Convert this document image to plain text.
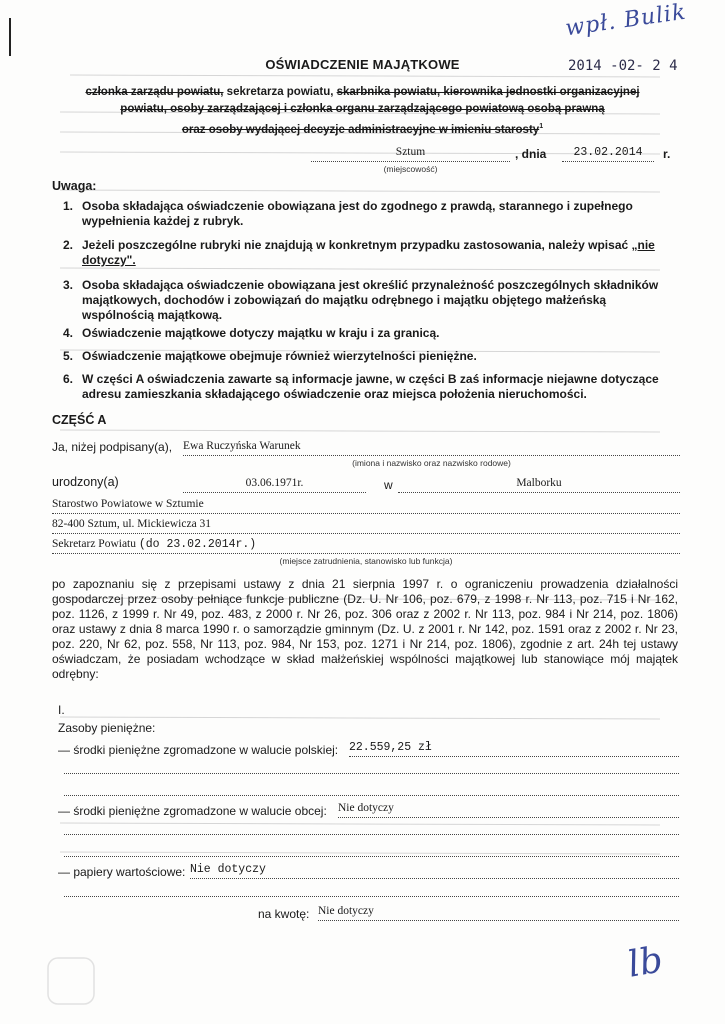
wpł. Bulik
2014 -02- 2 4
OŚWIADCZENIE MAJĄTKOWE
członka zarządu powiatu, sekretarza powiatu, skarbnika powiatu, kierownika jednostki organizacyjnej
powiatu, osoby zarządzającej i członka organu zarządzającego powiatową osobą prawną
oraz osoby wydającej decyzje administracyjne w imieniu starosty$^1$
Sztum
(miejscowość)
, dnia	23.02.2014	r.
Uwaga:
1. Osoba składająca oświadczenie obowiązana jest do zgodnego z prawdą, starannego i zupełnego wypełnienia każdej z rubryk.
2. Jeżeli poszczególne rubryki nie znajdują w konkretnym przypadku zastosowania, należy wpisać „nie dotyczy".
3. Osoba składająca oświadczenie obowiązana jest określić przynależność poszczególnych składników majątkowych, dochodów i zobowiązań do majątku odrębnego i majątku objętego małżeńską wspólnością majątkową.
4. Oświadczenie majątkowe dotyczy majątku w kraju i za granicą.
5. Oświadczenie majątkowe obejmuje również wierzytelności pieniężne.
6. W części A oświadczenia zawarte są informacje jawne, w części B zaś informacje niejawne dotyczące adresu zamieszkania składającego oświadczenie oraz miejsca położenia nieruchomości.
CZĘŚĆ A
Ja, niżej podpisany(a), Ewa Ruczyńska Warunek
(imiona i nazwisko oraz nazwisko rodowe)
urodzony(a)	03.06.1971r.	w	Malborku
Starostwo Powiatowe w Sztumie
82-400 Sztum, ul. Mickiewicza 31
Sekretarz Powiatu (do 23.02.2014r.)
(miejsce zatrudnienia, stanowisko lub funkcja)
po zapoznaniu się z przepisami ustawy z dnia 21 sierpnia 1997 r. o ograniczeniu prowadzenia działalności gospodarczej przez osoby pełniące funkcje publiczne (Dz. U. Nr 106, poz. 679, z 1998 r. Nr 113, poz. 715 i Nr 162, poz. 1126, z 1999 r. Nr 49, poz. 483, z 2000 r. Nr 26, poz. 306 oraz z 2002 r. Nr 113, poz. 984 i Nr 214, poz. 1806) oraz ustawy z dnia 8 marca 1990 r. o samorządzie gminnym (Dz. U. z 2001 r. Nr 142, poz. 1591 oraz z 2002 r. Nr 23, poz. 220, Nr 62, poz. 558, Nr 113, poz. 984, Nr 153, poz. 1271 i Nr 214, poz. 1806), zgodnie z art. 24h tej ustawy oświadczam, że posiadam wchodzące w skład małżeńskiej wspólności majątkowej lub stanowiące mój majątek odrębny:
I.
Zasoby pieniężne:
— środki pieniężne zgromadzone w walucie polskiej: 22.559,25 zł
— środki pieniężne zgromadzone w walucie obcej: Nie dotyczy
— papiery wartościowe: Nie dotyczy
na kwotę: Nie dotyczy
lb
